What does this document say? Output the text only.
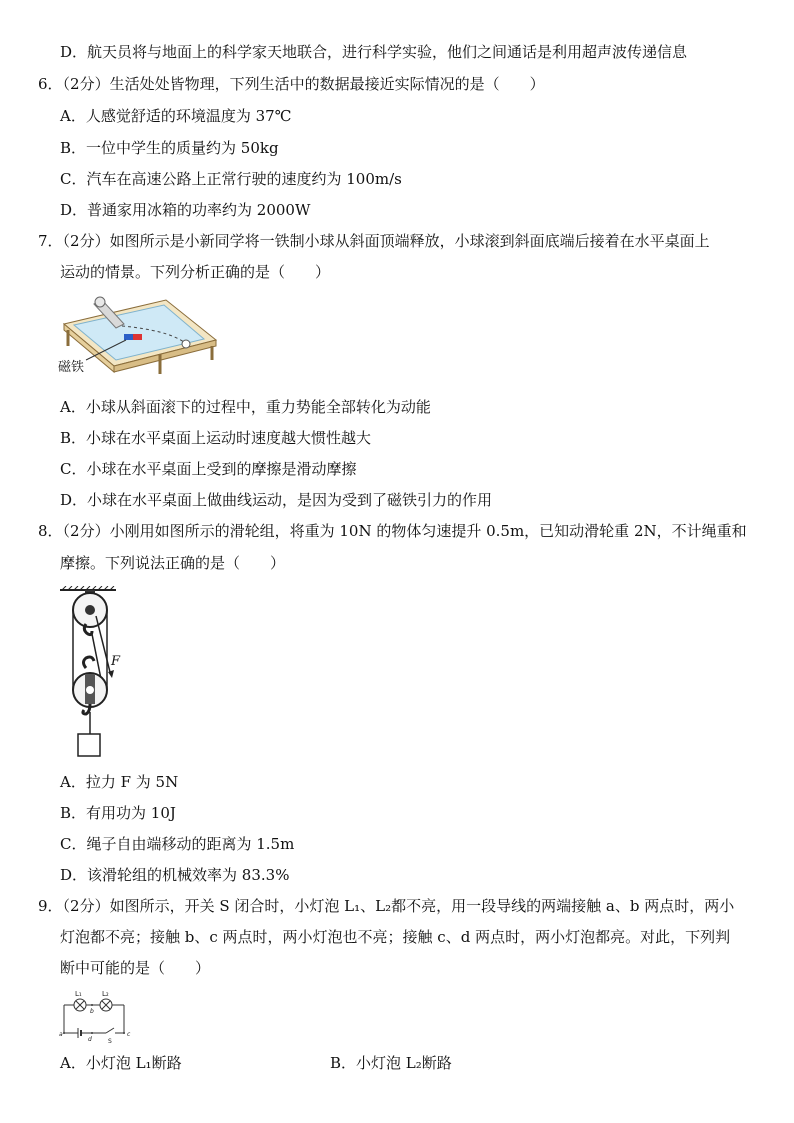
D．航天员将与地面上的科学家天地联合，进行科学实验，他们之间通话是利用超声波传递信息
6．（2分）生活处处皆物理，下列生活中的数据最接近实际情况的是（　　）
A．人感觉舒适的环境温度为 37℃
B．一位中学生的质量约为 50kg
C．汽车在高速公路上正常行驶的速度约为 100m/s
D．普通家用冰箱的功率约为 2000W
7．（2分）如图所示是小新同学将一铁制小球从斜面顶端释放，小球滚到斜面底端后接着在水平桌面上
运动的情景。下列分析正确的是（　　）
磁铁
A．小球从斜面滚下的过程中，重力势能全部转化为动能
B．小球在水平桌面上运动时速度越大惯性越大
C．小球在水平桌面上受到的摩擦是滑动摩擦
D．小球在水平桌面上做曲线运动，是因为受到了磁铁引力的作用
8．（2分）小刚用如图所示的滑轮组，将重为 10N 的物体匀速提升 0.5m，已知动滑轮重 2N，不计绳重和
摩擦。下列说法正确的是（　　）
F
A．拉力 F 为 5N
B．有用功为 10J
C．绳子自由端移动的距离为 1.5m
D．该滑轮组的机械效率为 83.3%
9．（2分）如图所示，开关 S 闭合时，小灯泡 L₁、L₂都不亮，用一段导线的两端接触 a、b 两点时，两小
灯泡都不亮；接触 b、c 两点时，两小灯泡也不亮；接触 c、d 两点时，两小灯泡都亮。对此，下列判
断中可能的是（　　）
L₁	L₂
a
b
c
d	S
A．小灯泡 L₁断路	B．小灯泡 L₂断路
